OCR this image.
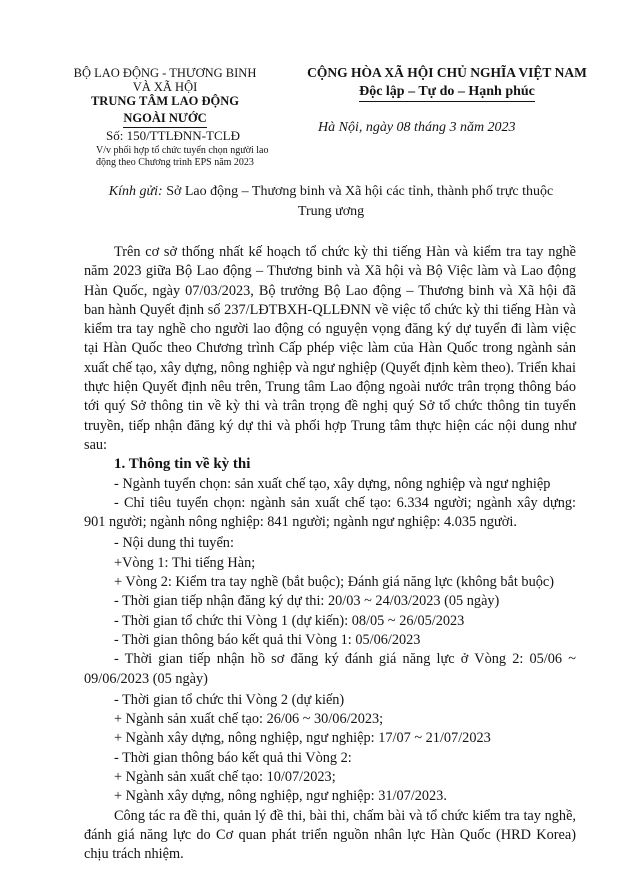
BỘ LAO ĐỘNG - THƯƠNG BINH
VÀ XÃ HỘI
TRUNG TÂM LAO ĐỘNG
NGOÀI NƯỚC
Số: 150/TTLĐNN-TCLĐ
V/v phối hợp tổ chức tuyển chọn người lao động theo Chương trình EPS năm 2023
CỘNG HÒA XÃ HỘI CHỦ NGHĨA VIỆT NAM
Độc lập – Tự do – Hạnh phúc
Hà Nội, ngày 08 tháng 3 năm 2023
Kính gửi: Sở Lao động – Thương binh và Xã hội các tỉnh, thành phố trực thuộc Trung ương

Trên cơ sở thống nhất kế hoạch tổ chức kỳ thi tiếng Hàn và kiểm tra tay nghề năm 2023 giữa Bộ Lao động – Thương binh và Xã hội và Bộ Việc làm và Lao động Hàn Quốc, ngày 07/03/2023, Bộ trưởng Bộ Lao động – Thương binh và Xã hội đã ban hành Quyết định số 237/LĐTBXH-QLLĐNN về việc tổ chức kỳ thi tiếng Hàn và kiểm tra tay nghề cho người lao động có nguyện vọng đăng ký dự tuyển đi làm việc tại Hàn Quốc theo Chương trình Cấp phép việc làm của Hàn Quốc trong ngành sản xuất chế tạo, xây dựng, nông nghiệp và ngư nghiệp (Quyết định kèm theo). Triển khai thực hiện Quyết định nêu trên, Trung tâm Lao động ngoài nước trân trọng thông báo tới quý Sở thông tin về kỳ thi và trân trọng đề nghị quý Sở tổ chức thông tin tuyển truyền, tiếp nhận đăng ký dự thi và phối hợp Trung tâm thực hiện các nội dung như sau:

1. Thông tin về kỳ thi

- Ngành tuyển chọn: sản xuất chế tạo, xây dựng, nông nghiệp và ngư nghiệp

- Chỉ tiêu tuyển chọn: ngành sản xuất chế tạo: 6.334 người; ngành xây dựng: 901 người; ngành nông nghiệp: 841 người; ngành ngư nghiệp: 4.035 người.

- Nội dung thi tuyển:

+Vòng 1: Thi tiếng Hàn;

+ Vòng 2: Kiểm tra tay nghề (bắt buộc); Đánh giá năng lực (không bắt buộc)

- Thời gian tiếp nhận đăng ký dự thi: 20/03 ~ 24/03/2023 (05 ngày)

- Thời gian tổ chức thi Vòng 1 (dự kiến): 08/05 ~ 26/05/2023

- Thời gian thông báo kết quả thi Vòng 1: 05/06/2023

- Thời gian tiếp nhận hồ sơ đăng ký đánh giá năng lực ở Vòng 2: 05/06 ~ 09/06/2023 (05 ngày)

- Thời gian tổ chức thi Vòng 2 (dự kiến)

+ Ngành sản xuất chế tạo: 26/06 ~ 30/06/2023;

+ Ngành xây dựng, nông nghiệp, ngư nghiệp: 17/07 ~ 21/07/2023

- Thời gian thông báo kết quả thi Vòng 2:

+ Ngành sản xuất chế tạo: 10/07/2023;

+ Ngành xây dựng, nông nghiệp, ngư nghiệp: 31/07/2023.

Công tác ra đề thi, quản lý đề thi, bài thi, chấm bài và tổ chức kiểm tra tay nghề, đánh giá năng lực do Cơ quan phát triển nguồn nhân lực Hàn Quốc (HRD Korea) chịu trách nhiệm.
